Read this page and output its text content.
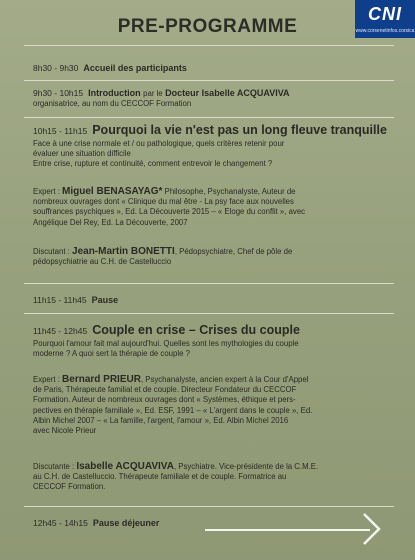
PRE-PROGRAMME
CNI
www.corsenetinfos.corsica
8h30 - 9h30 Accueil des participants
9h30 - 10h15 Introduction par le Docteur Isabelle ACQUAVIVA
organisatrice, au nom du CECCOF Formation
10h15 - 11h15 Pourquoi la vie n'est pas un long fleuve tranquille
Face à une crise normale et / ou pathologique, quels critères retenir pour
évaluer une situation difficile
Entre crise, rupture et continuité, comment entrevoir le changement ?
Expert : Miguel BENASAYAG* Philosophe, Psychanalyste, Auteur de
nombreux ouvrages dont « Clinique du mal être - La psy face aux nouvelles
souffrances psychiques », Ed. La Découverte 2015 – « Eloge du conflit », avec
Angélique Del Rey, Ed. La Découverte, 2007
Discutant : Jean-Martin BONETTI, Pédopsychiatre, Chef de pôle de
pédopsychiatrie au C.H. de Castelluccio
11h15 - 11h45 Pause
11h45 - 12h45 Couple en crise – Crises du couple
Pourquoi l'amour fait mal aujourd'hui. Quelles sont les mythologies du couple
moderne ? A quoi sert la thérapie de couple ?
Expert : Bernard PRIEUR, Psychanalyste, ancien expert à la Cour d'Appel
de Paris, Thérapeute familial et de couple. Directeur Fondateur du CECCOF
Formation. Auteur de nombreux ouvrages dont « Systèmes, éthique et pers-
pectives en thérapie familiale », Ed. ESF, 1991 – « L'argent dans le couple », Ed.
Albin Michel 2007 – « La famille, l'argent, l'amour », Ed. Albin Michel 2016
avec Nicole Prieur
Discutante : Isabelle ACQUAVIVA, Psychiatre. Vice-présidente de la C.M.E.
au C.H. de Castelluccio. Thérapeute familiale et de couple. Formatrice au
CECCOF Formation.
12h45 - 14h15 Pause déjeuner
